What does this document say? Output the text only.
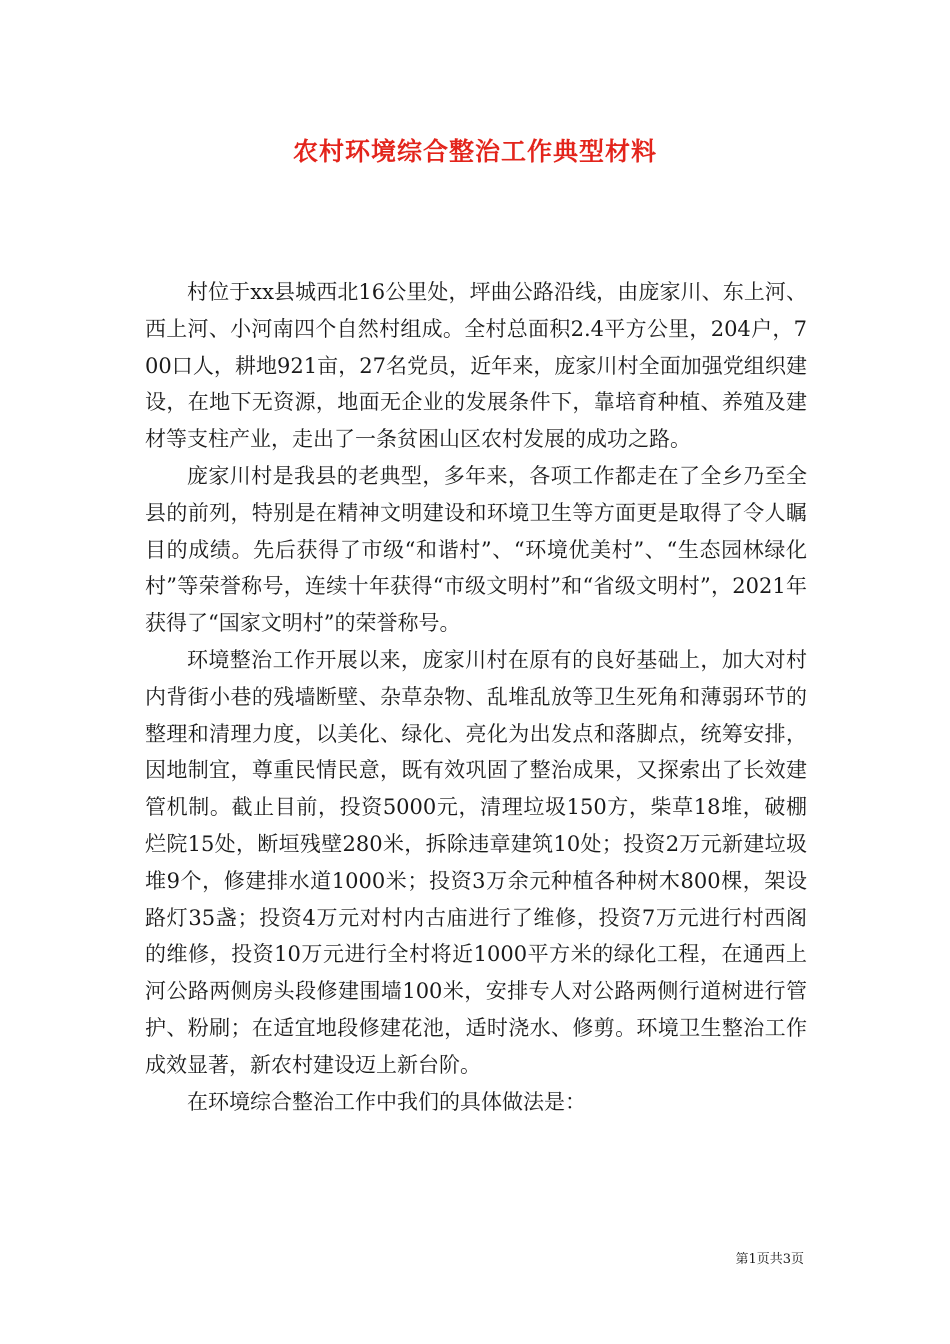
农村环境综合整治工作典型材料

村位于xx县城西北16公里处，坪曲公路沿线，由庞家川、东上河、西上河、小河南四个自然村组成。全村总面积2.4平方公里，204户，700口人，耕地921亩，27名党员，近年来，庞家川村全面加强党组织建设，在地下无资源，地面无企业的发展条件下，靠培育种植、养殖及建材等支柱产业，走出了一条贫困山区农村发展的成功之路。

庞家川村是我县的老典型，多年来，各项工作都走在了全乡乃至全县的前列，特别是在精神文明建设和环境卫生等方面更是取得了令人瞩目的成绩。先后获得了市级“和谐村”、“环境优美村”、“生态园林绿化村”等荣誉称号，连续十年获得“市级文明村”和“省级文明村”，2021年获得了“国家文明村”的荣誉称号。

环境整治工作开展以来，庞家川村在原有的良好基础上，加大对村内背街小巷的残墙断壁、杂草杂物、乱堆乱放等卫生死角和薄弱环节的整理和清理力度，以美化、绿化、亮化为出发点和落脚点，统筹安排，因地制宜，尊重民情民意，既有效巩固了整治成果，又探索出了长效建管机制。截止目前，投资5000元，清理垃圾150方，柴草18堆，破棚烂院15处，断垣残壁280米，拆除违章建筑10处；投资2万元新建垃圾堆9个，修建排水道1000米；投资3万余元种植各种树木800棵，架设路灯35盏；投资4万元对村内古庙进行了维修，投资7万元进行村西阁的维修，投资10万元进行全村将近1000平方米的绿化工程，在通西上河公路两侧房头段修建围墙100米，安排专人对公路两侧行道树进行管护、粉刷；在适宜地段修建花池，适时浇水、修剪。环境卫生整治工作成效显著，新农村建设迈上新台阶。

在环境综合整治工作中我们的具体做法是：

第1页共3页
